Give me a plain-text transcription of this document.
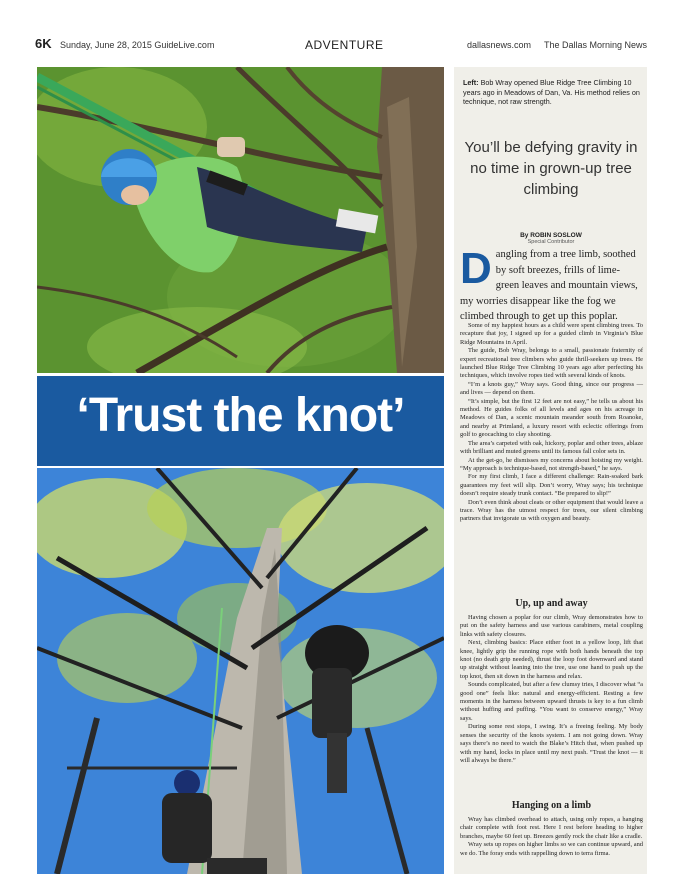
6K Sunday, June 28, 2015 GuideLive.com	ADVENTURE	dallasnews.com The Dallas Morning News
‘Trust the knot’
Left: Bob Wray opened Blue Ridge Tree Climbing 10 years ago in Meadows of Dan, Va. His method relies on technique, not raw strength.
You’ll be defying gravity in no time in grown-up tree climbing
By ROBIN SOSLOW
Special Contributor
Dangling from a tree limb, soothed by soft breezes, frills of lime-green leaves and mountain views, my worries disappear like the fog we climbed through to get up this poplar.

Some of my happiest hours as a child were spent climbing trees. To recapture that joy, I signed up for a guided climb in Virginia’s Blue Ridge Mountains in April.

The guide, Bob Wray, belongs to a small, passionate fraternity of expert recreational tree climbers who guide thrill-seekers up trees. He launched Blue Ridge Tree Climbing 10 years ago after perfecting his techniques, which involve ropes tied with several kinds of knots.

“I’m a knots guy,” Wray says. Good thing, since our progress — and lives — depend on them.

“It’s simple, but the first 12 feet are not easy,” he tells us about his method. He guides folks of all levels and ages on his acreage in Meadows of Dan, a scenic mountain meander south from Roanoke, and nearby at Primland, a luxury resort with eclectic offerings from golf to geocaching to clay shooting.

The area’s carpeted with oak, hickory, poplar and other trees, ablaze with brilliant and muted greens until its famous fall color sets in.

At the get-go, he dismisses my concerns about hoisting my weight. “My approach is technique-based, not strength-based,” he says.

For my first climb, I face a different challenge: Rain-soaked bark guarantees my feet will slip. Don’t worry, Wray says; his technique doesn’t require steady trunk contact. “Be prepared to slip!”

Don’t even think about cleats or other equipment that would leave a trace. Wray has the utmost respect for trees, our silent climbing partners that invigorate us with oxygen and beauty.

Up, up and away

Having chosen a poplar for our climb, Wray demonstrates how to put on the safety harness and use various carabiners, metal coupling links with safety closures.

Next, climbing basics: Place either foot in a yellow loop, lift that knee, lightly grip the running rope with both hands beneath the top knot (no death grip needed), thrust the loop foot downward and stand up straight without leaning into the tree, use one hand to push up the top knot, then sit down in the harness and relax.

Sounds complicated, but after a few clumsy tries, I discover what “a good one” feels like: natural and energy-efficient. Resting a few moments in the harness between upward thrusts is key to a fun climb without huffing and puffing. “You want to conserve energy,” Wray says.

During some rest stops, I swing. It’s a freeing feeling. My body senses the security of the knots system. I am not going down. Wray says there’s no need to watch the Blake’s Hitch that, when pushed up with my hand, locks in place until my next push. “Trust the knot — it will always be there.”

Hanging on a limb

Wray has climbed overhead to attach, using only ropes, a hanging chair complete with foot rest. Here I rest before heading to higher branches, maybe 60 feet up. Breezes gently rock the chair like a cradle.

Wray sets up ropes on higher limbs so we can continue upward, and we do. The foray ends with rappelling down to terra firma.
